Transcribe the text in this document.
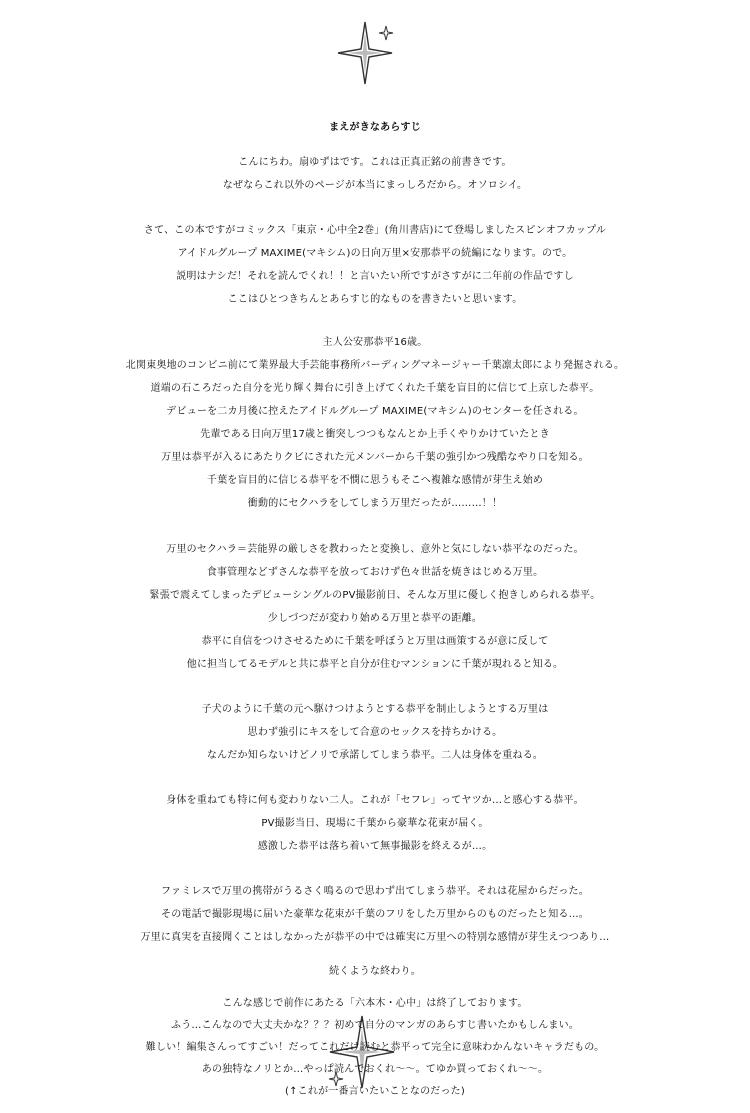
まえがきなあらすじ
こんにちわ。扇ゆずはです。これは正真正銘の前書きです。
なぜならこれ以外のページが本当にまっしろだから。オソロシイ。
さて、この本ですがコミックス「東京・心中全2巻」(角川書店)にて登場しましたスピンオフカップル
アイドルグループ MAXIME(マキシム)の日向万里×安那恭平の続編になります。ので。
説明はナシだ！それを読んでくれ！！と言いたい所ですがさすがに二年前の作品ですし
ここはひとつきちんとあらすじ的なものを書きたいと思います。
主人公安那恭平16歳。
北関東奥地のコンビニ前にて業界最大手芸能事務所バーディングマネージャー千葉凛太郎により発掘される。
道端の石ころだった自分を光り輝く舞台に引き上げてくれた千葉を盲目的に信じて上京した恭平。
デビューを二カ月後に控えたアイドルグループ MAXIME(マキシム)のセンターを任される。
先輩である日向万里17歳と衝突しつつもなんとか上手くやりかけていたとき
万里は恭平が入るにあたりクビにされた元メンバーから千葉の強引かつ残酷なやり口を知る。
千葉を盲目的に信じる恭平を不憫に思うもそこへ複雑な感情が芽生え始め
衝動的にセクハラをしてしまう万里だったが………！！
万里のセクハラ＝芸能界の厳しさを教わったと変換し、意外と気にしない恭平なのだった。
食事管理などずさんな恭平を放っておけず色々世話を焼きはじめる万里。
緊張で震えてしまったデビューシングルのPV撮影前日、そんな万里に優しく抱きしめられる恭平。
少しづつだが変わり始める万里と恭平の距離。
恭平に自信をつけさせるために千葉を呼ぼうと万里は画策するが意に反して
他に担当してるモデルと共に恭平と自分が住むマンションに千葉が現れると知る。
子犬のように千葉の元へ駆けつけようとする恭平を制止しようとする万里は
思わず強引にキスをして合意のセックスを持ちかける。
なんだか知らないけどノリで承諾してしまう恭平。二人は身体を重ねる。
身体を重ねても特に何も変わりない二人。これが「セフレ」ってヤツか…と感心する恭平。
PV撮影当日、現場に千葉から豪華な花束が届く。
感激した恭平は落ち着いて無事撮影を終えるが…。
ファミレスで万里の携帯がうるさく鳴るので思わず出てしまう恭平。それは花屋からだった。
その電話で撮影現場に届いた豪華な花束が千葉のフリをした万里からのものだったと知る…。
万里に真実を直接聞くことはしなかったが恭平の中では確実に万里への特別な感情が芽生えつつあり…
続くような終わり。
こんな感じで前作にあたる「六本木・心中」は終了しております。
ふう…こんなので大丈夫かな？？？初めて自分のマンガのあらすじ書いたかもしんまい。
難しい！編集さんってすごい！だってこれだけ読むと恭平って完全に意味わかんないキャラだもの。
あの独特なノリとか…やっぱ読んでおくれ～～。てゆか買っておくれ～～。
(↑これが一番言いたいことなのだった)
